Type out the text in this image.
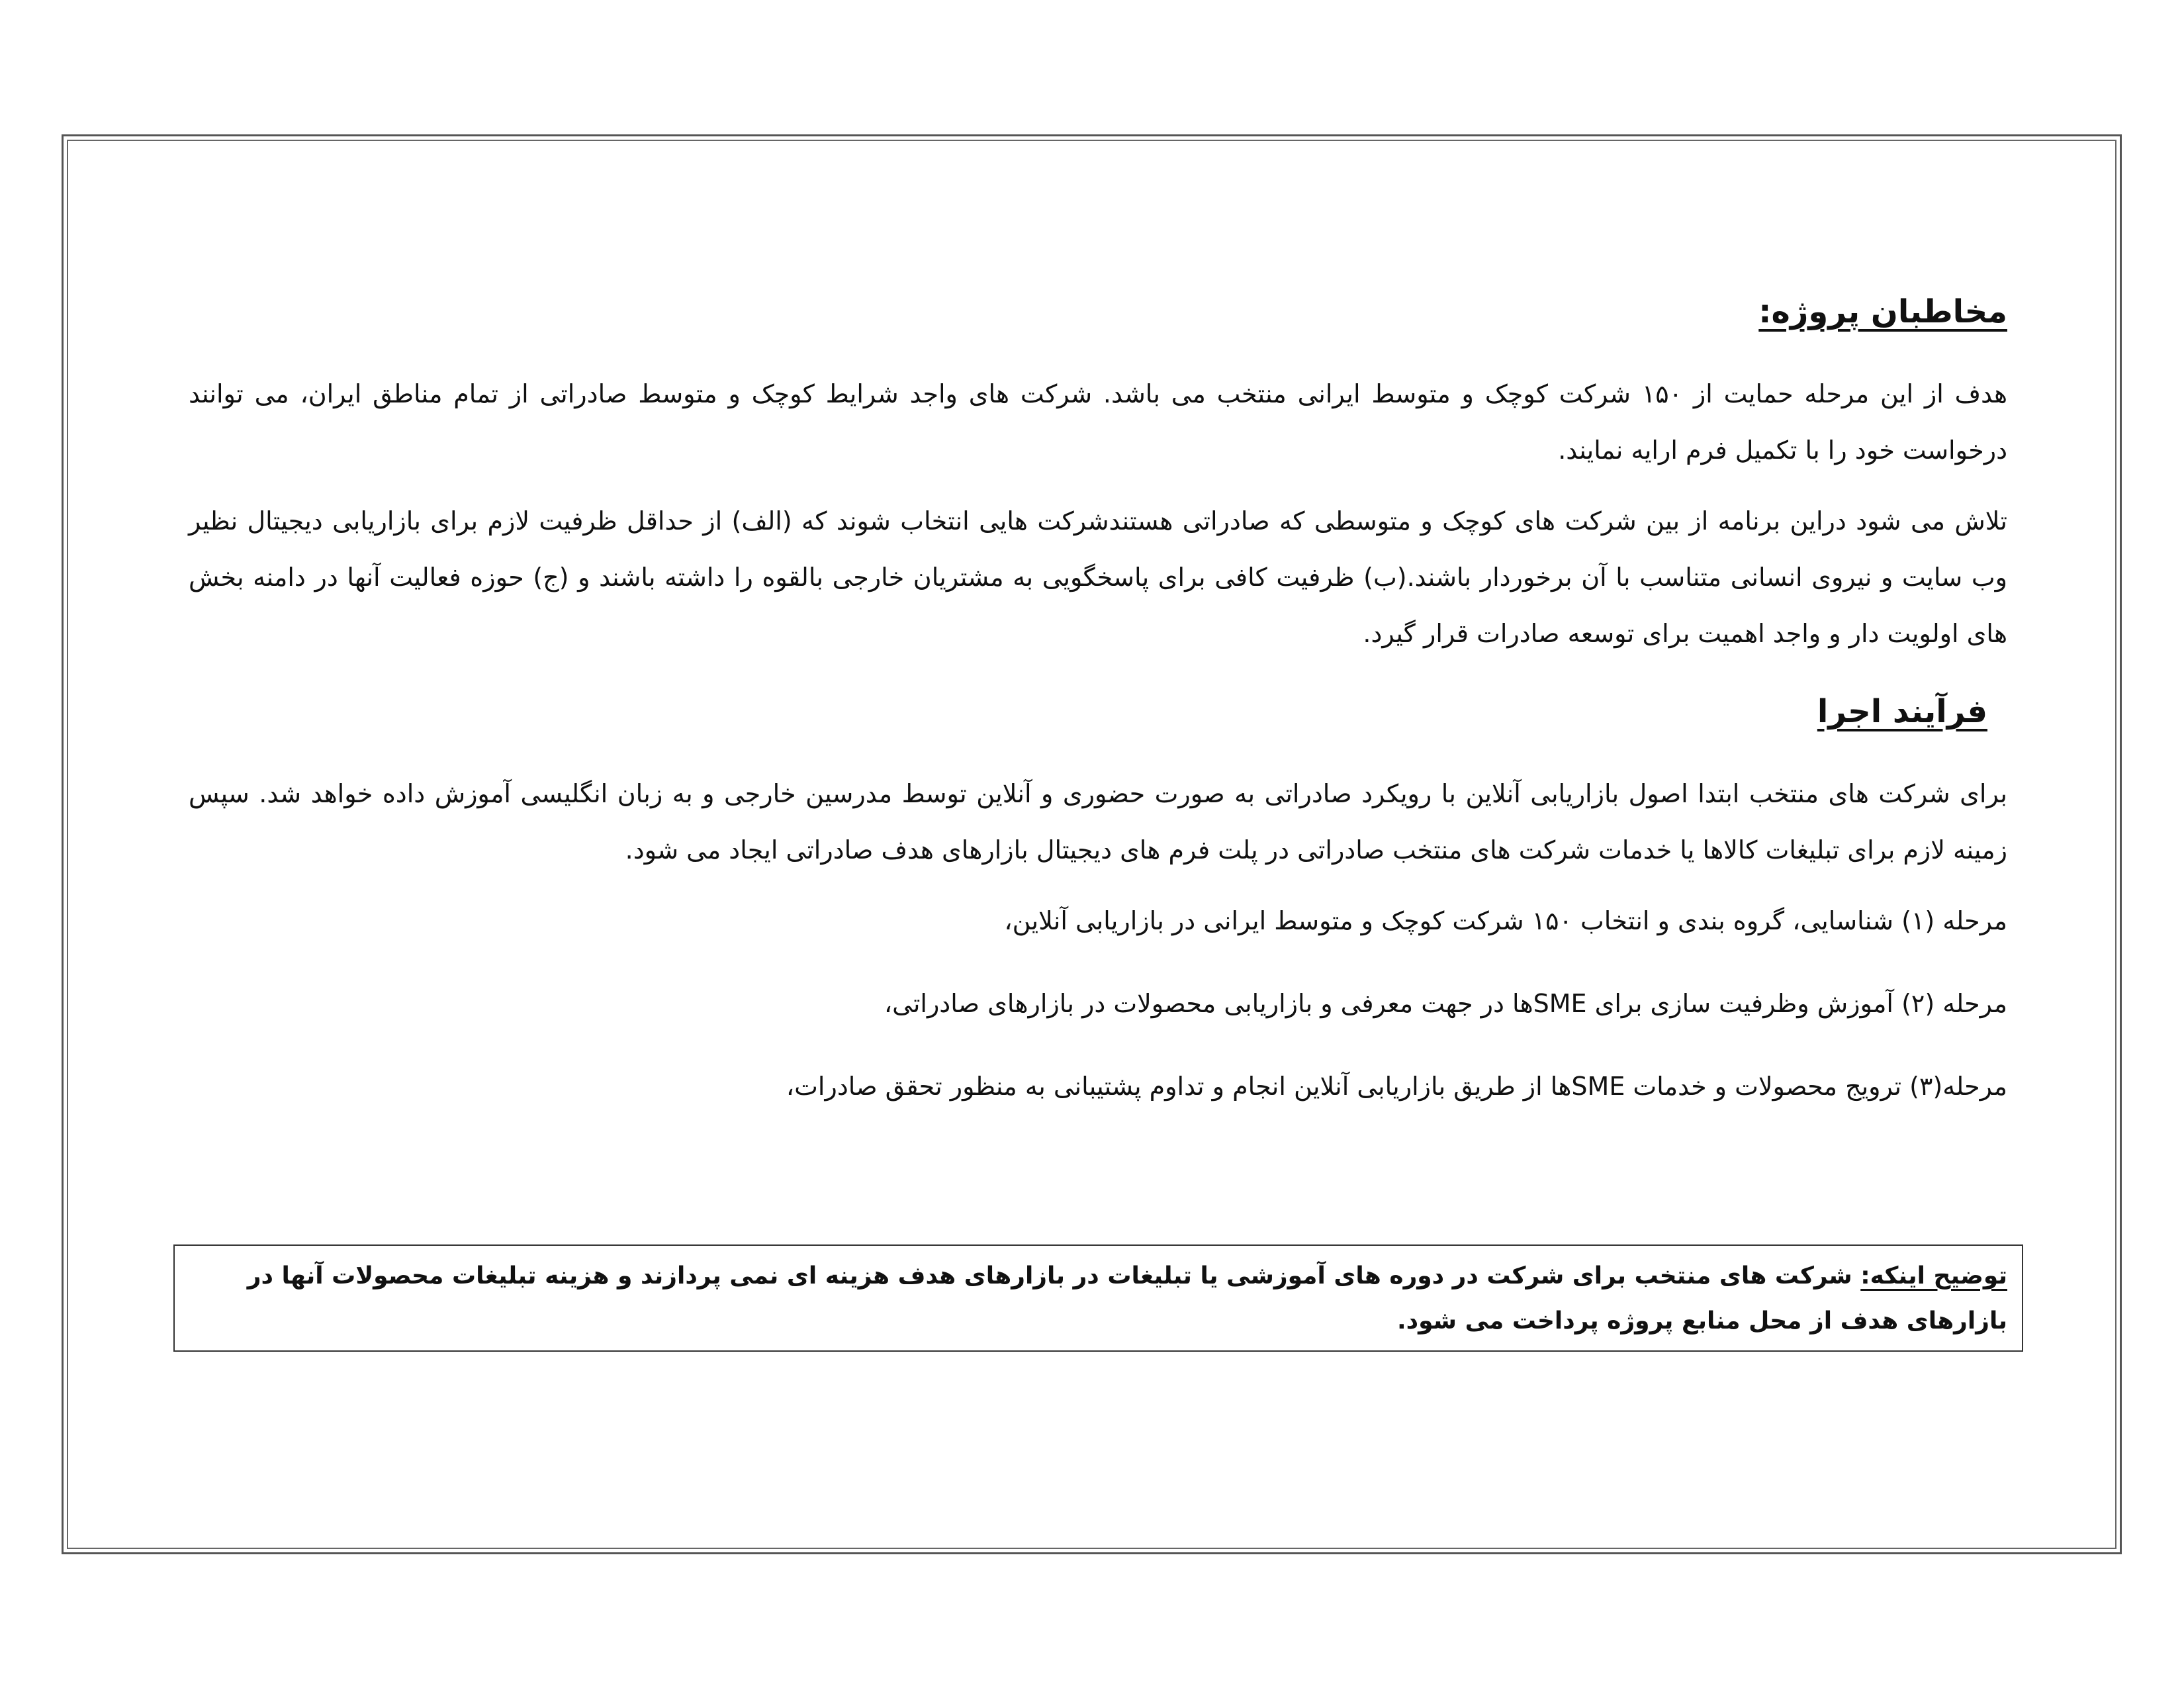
مخاطبان پروژه:

هدف از این مرحله حمایت از ۱۵۰ شرکت کوچک و متوسط ایرانی منتخب می باشد. شرکت های واجد شرایط کوچک و متوسط صادراتی از تمام مناطق ایران، می توانند درخواست خود را با تکمیل فرم ارایه نمایند.

تلاش می شود دراین برنامه از بین شرکت های کوچک و متوسطی که صادراتی هستندشرکت هایی انتخاب شوند که (الف) از حداقل ظرفیت لازم برای بازاریابی دیجیتال نظیر وب سایت و نیروی انسانی متناسب با آن برخوردار باشند.(ب) ظرفیت کافی برای پاسخگویی به مشتریان خارجی بالقوه را داشته باشند و (ج) حوزه فعالیت آنها در دامنه بخش های اولویت دار و واجد اهمیت برای توسعه صادرات قرار گیرد.

فرآیند اجرا

برای شرکت های منتخب ابتدا اصول بازاریابی آنلاین با رویکرد صادراتی به صورت حضوری و آنلاین توسط مدرسین خارجی و به زبان انگلیسی آموزش داده خواهد شد. سپس زمینه لازم برای تبلیغات کالاها یا خدمات شرکت های منتخب صادراتی در پلت فرم های دیجیتال بازارهای هدف صادراتی ایجاد می شود.

مرحله (۱) شناسایی، گروه بندی و انتخاب ۱۵۰ شرکت کوچک و متوسط ایرانی در بازاریابی آنلاین،

مرحله (۲) آموزش وظرفیت سازی برای SMEها در جهت معرفی و بازاریابی محصولات در بازارهای صادراتی،

مرحله(۳) ترویج محصولات و خدمات SMEها از طریق بازاریابی آنلاین انجام و تداوم پشتیبانی به منظور تحقق صادرات،

توضیح اینکه: شرکت های منتخب برای شرکت در دوره های آموزشی یا تبلیغات در بازارهای هدف هزینه ای نمی پردازند و هزینه تبلیغات محصولات آنها در بازارهای هدف از محل منابع پروژه پرداخت می شود.
